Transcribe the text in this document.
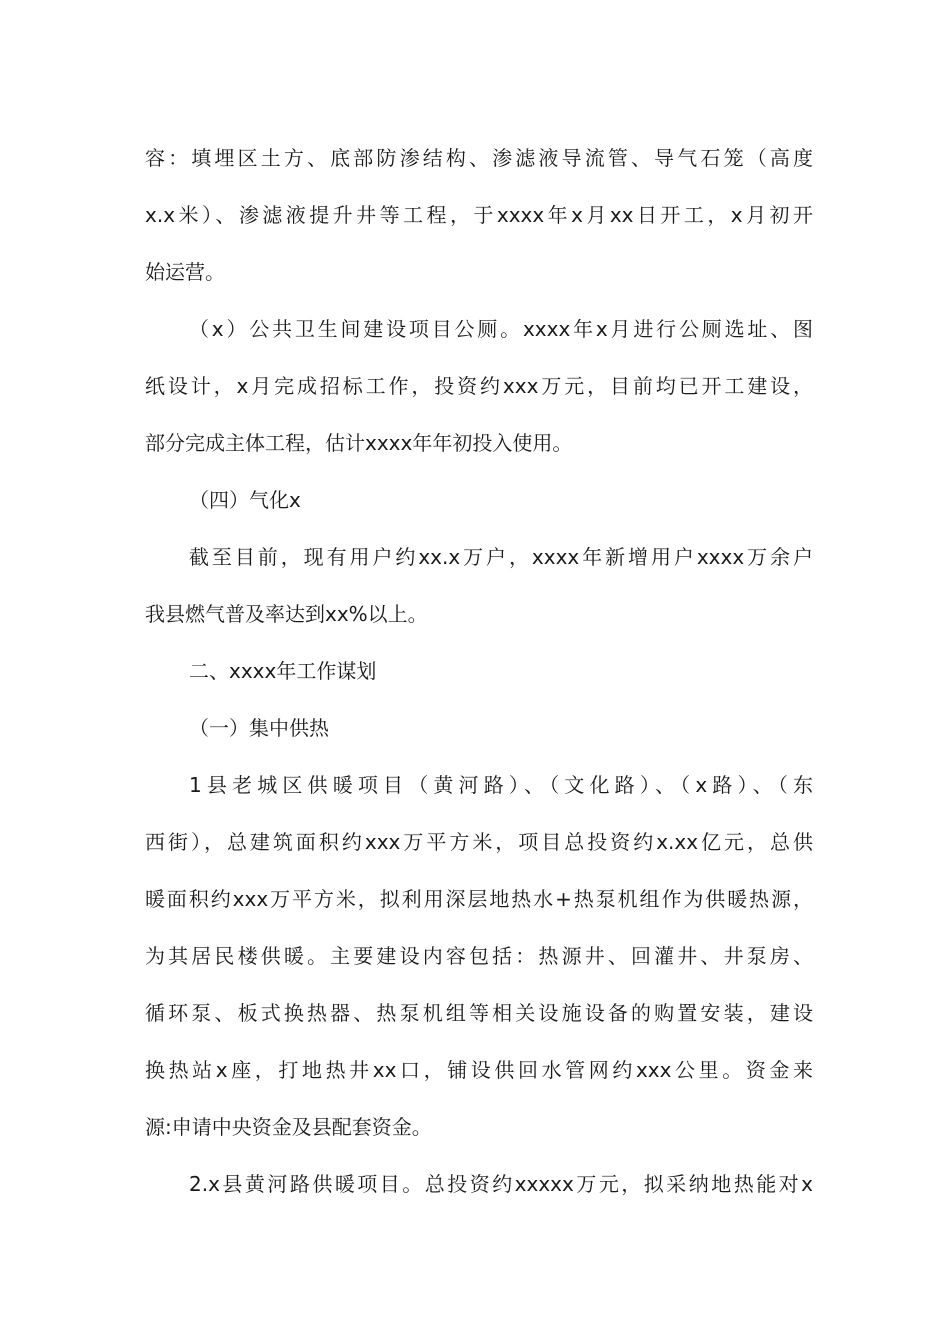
容：填埋区土方、底部防渗结构、渗滤液导流管、导气石笼（高度
x.x米）、渗滤液提升井等工程，于xxxx年x月xx日开工，x月初开
始运营。
（x）公共卫生间建设项目公厕。xxxx年x月进行公厕选址、图
纸设计，x月完成招标工作，投资约xxx万元，目前均已开工建设，
部分完成主体工程，估计xxxx年年初投入使用。
（四）气化x
截至目前，现有用户约xx.x万户，xxxx年新增用户xxxx万余户
我县燃气普及率达到xx%以上。
二、xxxx年工作谋划
（一）集中供热
1县老城区供暖项目（黄河路）、（文化路）、（x路）、（东
西街），总建筑面积约xxx万平方米，项目总投资约x.xx亿元，总供
暖面积约xxx万平方米，拟利用深层地热水+热泵机组作为供暖热源，
为其居民楼供暖。主要建设内容包括：热源井、回灌井、井泵房、
循环泵、板式换热器、热泵机组等相关设施设备的购置安装，建设
换热站x座，打地热井xx口，铺设供回水管网约xxx公里。资金来
源:申请中央资金及县配套资金。
2.x县黄河路供暖项目。总投资约xxxxx万元，拟采纳地热能对x
